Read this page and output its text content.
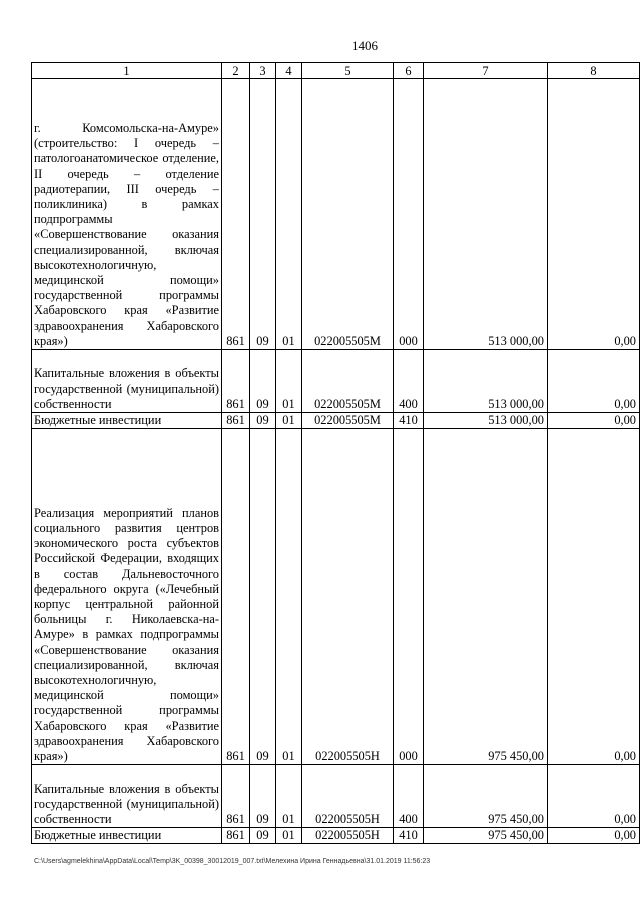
1406
1	2	3	4	5	6	7	8
г. Комсомольска-на-Амуре» (строительство: I очередь – патологоанатомическое отделение, II очередь – отделение радиотерапии, III очередь – поликлиника) в рамках подпрограммы «Совершенствование оказания специализированной, включая высокотехнологичную, медицинской помощи» государственной программы Хабаровского края «Развитие здравоохранения Хабаровского края»)	861	09	01	022005505М	000	513 000,00	0,00
Капитальные вложения в объекты государственной (муниципальной) собственности	861	09	01	022005505М	400	513 000,00	0,00
Бюджетные инвестиции	861	09	01	022005505М	410	513 000,00	0,00
Реализация мероприятий планов социального развития центров экономического роста субъектов Российской Федерации, входящих в состав Дальневосточного федерального округа («Лечебный корпус центральной районной больницы г. Николаевска-на-Амуре» в рамках подпрограммы «Совершенствование оказания специализированной, включая высокотехнологичную, медицинской помощи» государственной программы Хабаровского края «Развитие здравоохранения Хабаровского края»)	861	09	01	022005505Н	000	975 450,00	0,00
Капитальные вложения в объекты государственной (муниципальной) собственности	861	09	01	022005505Н	400	975 450,00	0,00
Бюджетные инвестиции	861	09	01	022005505Н	410	975 450,00	0,00
C:\Users\agmelekhina\AppData\Local\Temp\3K_00398_30012019_007.txt\Мелехина Ирина Геннадьевна\31.01.2019 11:56:23
